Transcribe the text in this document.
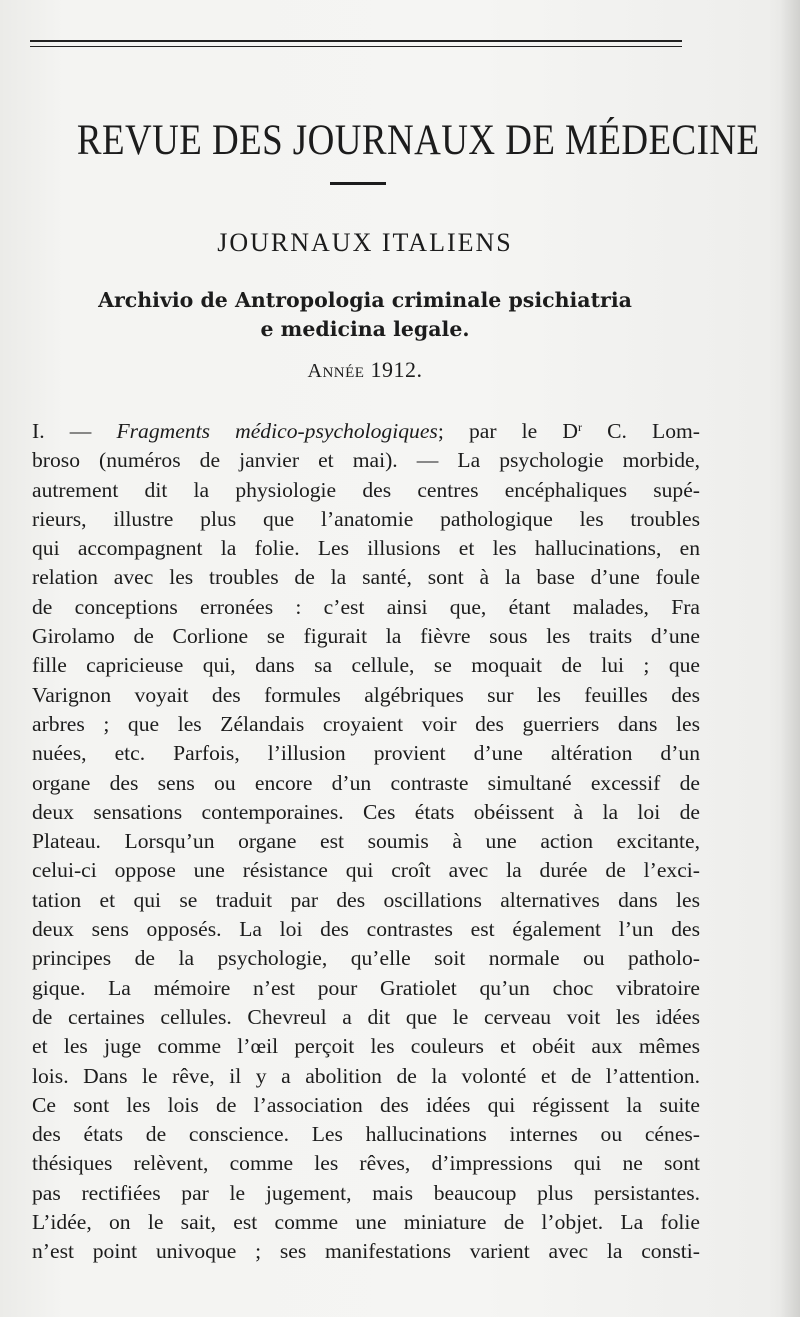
REVUE DES JOURNAUX DE MÉDECINE
JOURNAUX ITALIENS
Archivio de Antropologia criminale psichiatria
e medicina legale.
ANNÉE 1912.
I. — Fragments médico-psychologiques; par le $D^r$ C. Lom-
broso (numéros de janvier et mai). — La psychologie morbide,
autrement dit la physiologie des centres encéphaliques supé-
rieurs, illustre plus que l’anatomie pathologique les troubles
qui accompagnent la folie. Les illusions et les hallucinations, en
relation avec les troubles de la santé, sont à la base d’une foule
de conceptions erronées : c’est ainsi que, étant malades, Fra
Girolamo de Corlione se figurait la fièvre sous les traits d’une
fille capricieuse qui, dans sa cellule, se moquait de lui ; que
Varignon voyait des formules algébriques sur les feuilles des
arbres ; que les Zélandais croyaient voir des guerriers dans les
nuées, etc. Parfois, l’illusion provient d’une altération d’un
organe des sens ou encore d’un contraste simultané excessif de
deux sensations contemporaines. Ces états obéissent à la loi de
Plateau. Lorsqu’un organe est soumis à une action excitante,
celui-ci oppose une résistance qui croît avec la durée de l’exci-
tation et qui se traduit par des oscillations alternatives dans les
deux sens opposés. La loi des contrastes est également l’un des
principes de la psychologie, qu’elle soit normale ou patholo-
gique. La mémoire n’est pour Gratiolet qu’un choc vibratoire
de certaines cellules. Chevreul a dit que le cerveau voit les idées
et les juge comme l’œil perçoit les couleurs et obéit aux mêmes
lois. Dans le rêve, il y a abolition de la volonté et de l’attention.
Ce sont les lois de l’association des idées qui régissent la suite
des états de conscience. Les hallucinations internes ou cénes-
thésiques relèvent, comme les rêves, d’impressions qui ne sont
pas rectifiées par le jugement, mais beaucoup plus persistantes.
L’idée, on le sait, est comme une miniature de l’objet. La folie
n’est point univoque ; ses manifestations varient avec la consti-
